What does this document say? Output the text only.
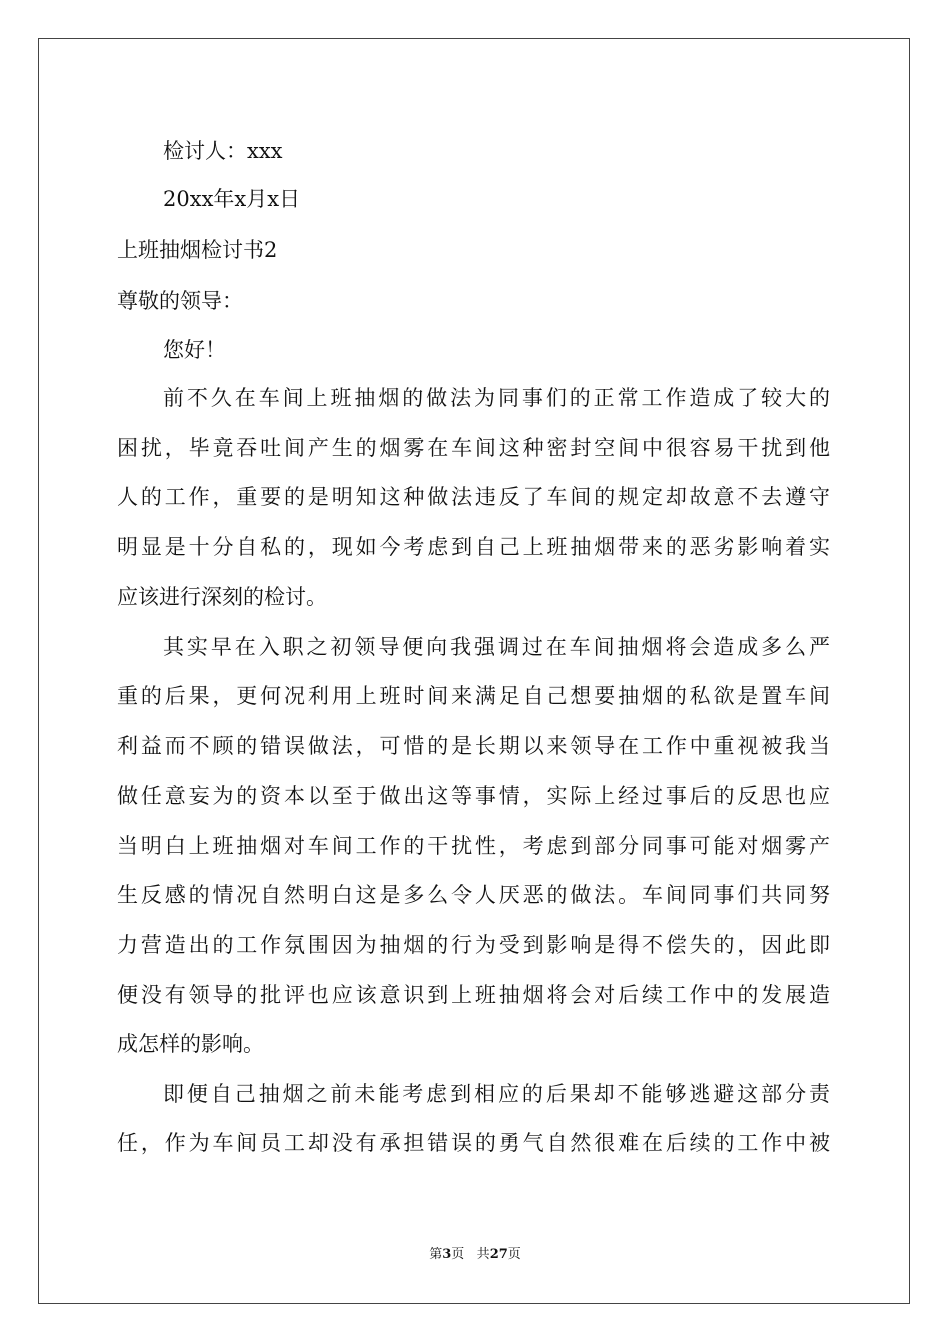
检讨人：xxx
20xx年x月x日
上班抽烟检讨书2
尊敬的领导：
您好！
前不久在车间上班抽烟的做法为同事们的正常工作造成了较大的
困扰，毕竟吞吐间产生的烟雾在车间这种密封空间中很容易干扰到他
人的工作，重要的是明知这种做法违反了车间的规定却故意不去遵守
明显是十分自私的，现如今考虑到自己上班抽烟带来的恶劣影响着实
应该进行深刻的检讨。
其实早在入职之初领导便向我强调过在车间抽烟将会造成多么严
重的后果，更何况利用上班时间来满足自己想要抽烟的私欲是置车间
利益而不顾的错误做法，可惜的是长期以来领导在工作中重视被我当
做任意妄为的资本以至于做出这等事情，实际上经过事后的反思也应
当明白上班抽烟对车间工作的干扰性，考虑到部分同事可能对烟雾产
生反感的情况自然明白这是多么令人厌恶的做法。车间同事们共同努
力营造出的工作氛围因为抽烟的行为受到影响是得不偿失的，因此即
便没有领导的批评也应该意识到上班抽烟将会对后续工作中的发展造
成怎样的影响。
即便自己抽烟之前未能考虑到相应的后果却不能够逃避这部分责
任，作为车间员工却没有承担错误的勇气自然很难在后续的工作中被
第3页 共27页
